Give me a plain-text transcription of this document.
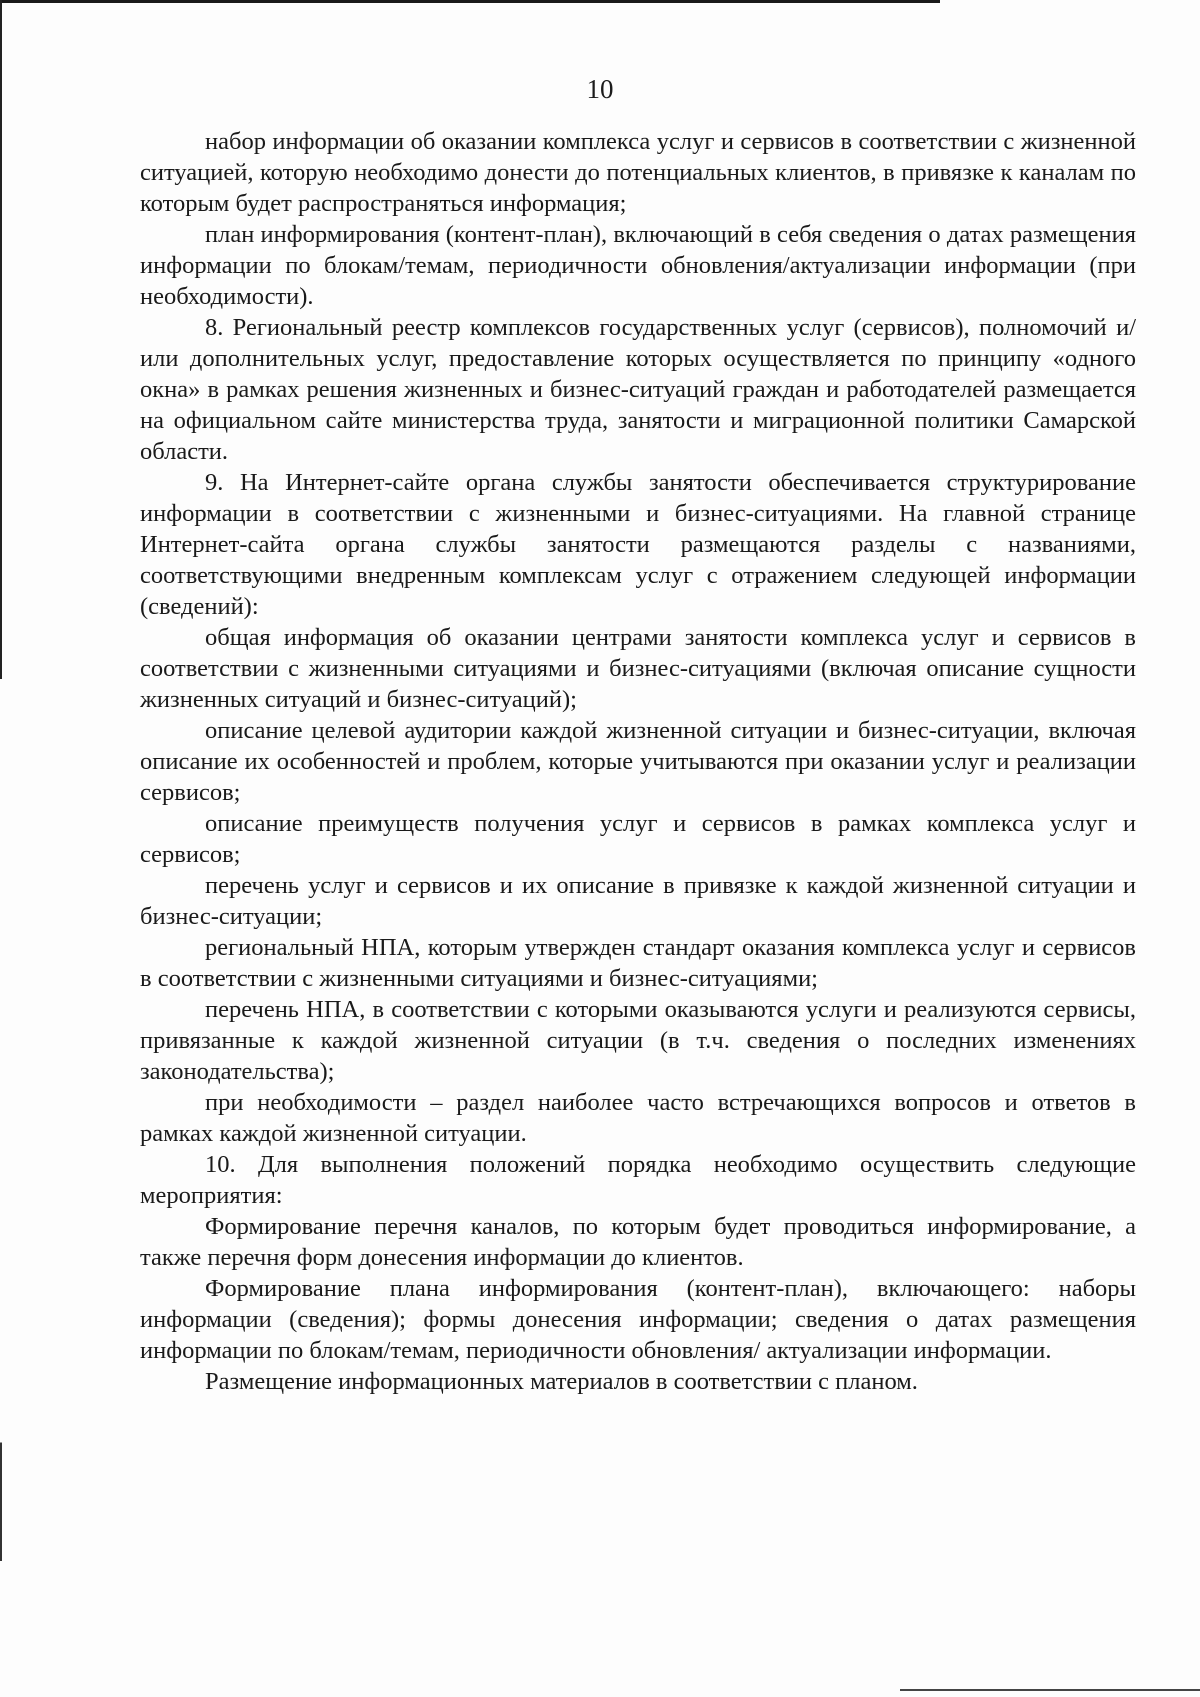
10

набор информации об оказании комплекса услуг и сервисов в соответствии с жизненной ситуацией, которую необходимо донести до потенциальных клиентов, в привязке к каналам по которым будет распространяться информация;

план информирования (контент-план), включающий в себя сведения о датах размещения информации по блокам/темам, периодичности обновления/актуализации информации (при необходимости).

8. Региональный реестр комплексов государственных услуг (сервисов), полномочий и/или дополнительных услуг, предоставление которых осуществляется по принципу «одного окна» в рамках решения жизненных и бизнес-ситуаций граждан и работодателей размещается на официальном сайте министерства труда, занятости и миграционной политики Самарской области.

9. На Интернет-сайте органа службы занятости обеспечивается структурирование информации в соответствии с жизненными и бизнес-ситуациями. На главной странице Интернет-сайта органа службы занятости размещаются разделы с названиями, соответствующими внедренным комплексам услуг с отражением следующей информации (сведений):

общая информация об оказании центрами занятости комплекса услуг и сервисов в соответствии с жизненными ситуациями и бизнес-ситуациями (включая описание сущности жизненных ситуаций и бизнес-ситуаций);

описание целевой аудитории каждой жизненной ситуации и бизнес-ситуации, включая описание их особенностей и проблем, которые учитываются при оказании услуг и реализации сервисов;

описание преимуществ получения услуг и сервисов в рамках комплекса услуг и сервисов;

перечень услуг и сервисов и их описание в привязке к каждой жизненной ситуации и бизнес-ситуации;

региональный НПА, которым утвержден стандарт оказания комплекса услуг и сервисов в соответствии с жизненными ситуациями и бизнес-ситуациями;

перечень НПА, в соответствии с которыми оказываются услуги и реализуются сервисы, привязанные к каждой жизненной ситуации (в т.ч. сведения о последних изменениях законодательства);

при необходимости – раздел наиболее часто встречающихся вопросов и ответов в рамках каждой жизненной ситуации.

10. Для выполнения положений порядка необходимо осуществить следующие мероприятия:

Формирование перечня каналов, по которым будет проводиться информирование, а также перечня форм донесения информации до клиентов.

Формирование плана информирования (контент-план), включающего: наборы информации (сведения); формы донесения информации; сведения о датах размещения информации по блокам/темам, периодичности обновления/ актуализации информации.

Размещение информационных материалов в соответствии с планом.
